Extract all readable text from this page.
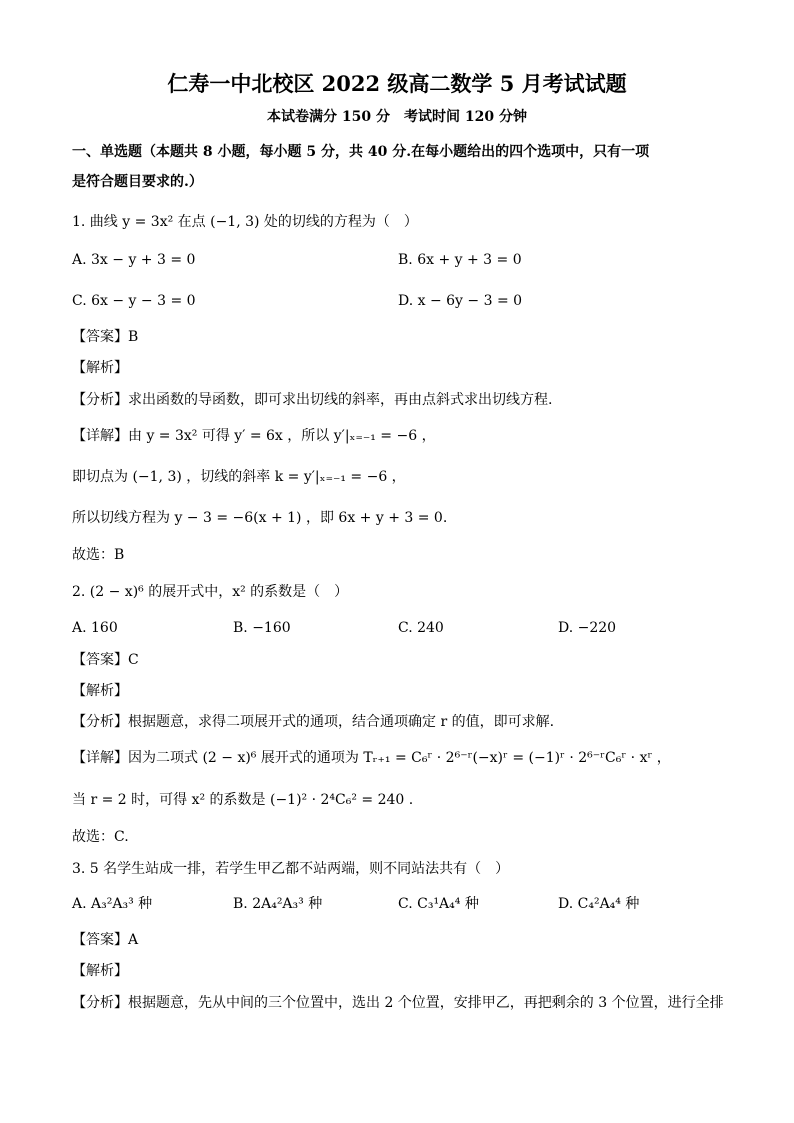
仁寿一中北校区 2022 级高二数学 5 月考试试题
本试卷满分 150 分　考试时间 120 分钟
一、单选题（本题共 8 小题，每小题 5 分，共 40 分.在每小题给出的四个选项中，只有一项
是符合题目要求的.）
1. 曲线 y = 3x² 在点 (−1, 3) 处的切线的方程为（　）
A. 3x − y + 3 = 0	B. 6x + y + 3 = 0
C. 6x − y − 3 = 0	D. x − 6y − 3 = 0
【答案】B
【解析】
【分析】求出函数的导函数，即可求出切线的斜率，再由点斜式求出切线方程.
【详解】由 y = 3x² 可得 y′ = 6x ，所以 y′|ₓ₌₋₁ = −6 ，
即切点为 (−1, 3) ，切线的斜率 k = y′|ₓ₌₋₁ = −6 ，
所以切线方程为 y − 3 = −6(x + 1) ，即 6x + y + 3 = 0.
故选：B
2. (2 − x)⁶ 的展开式中，x² 的系数是（　）
A. 160	B. −160	C. 240	D. −220
【答案】C
【解析】
【分析】根据题意，求得二项展开式的通项，结合通项确定 r 的值，即可求解.
【详解】因为二项式 (2 − x)⁶ 展开式的通项为 Tᵣ₊₁ = C₆ʳ · 2⁶⁻ʳ(−x)ʳ = (−1)ʳ · 2⁶⁻ʳC₆ʳ · xʳ ，
当 r = 2 时，可得 x² 的系数是 (−1)² · 2⁴C₆² = 240 .
故选：C.
3. 5 名学生站成一排，若学生甲乙都不站两端，则不同站法共有（　）
A. A₃²A₃³ 种	B. 2A₄²A₃³ 种	C. C₃¹A₄⁴ 种	D. C₄²A₄⁴ 种
【答案】A
【解析】
【分析】根据题意，先从中间的三个位置中，选出 2 个位置，安排甲乙，再把剩余的 3 个位置，进行全排
